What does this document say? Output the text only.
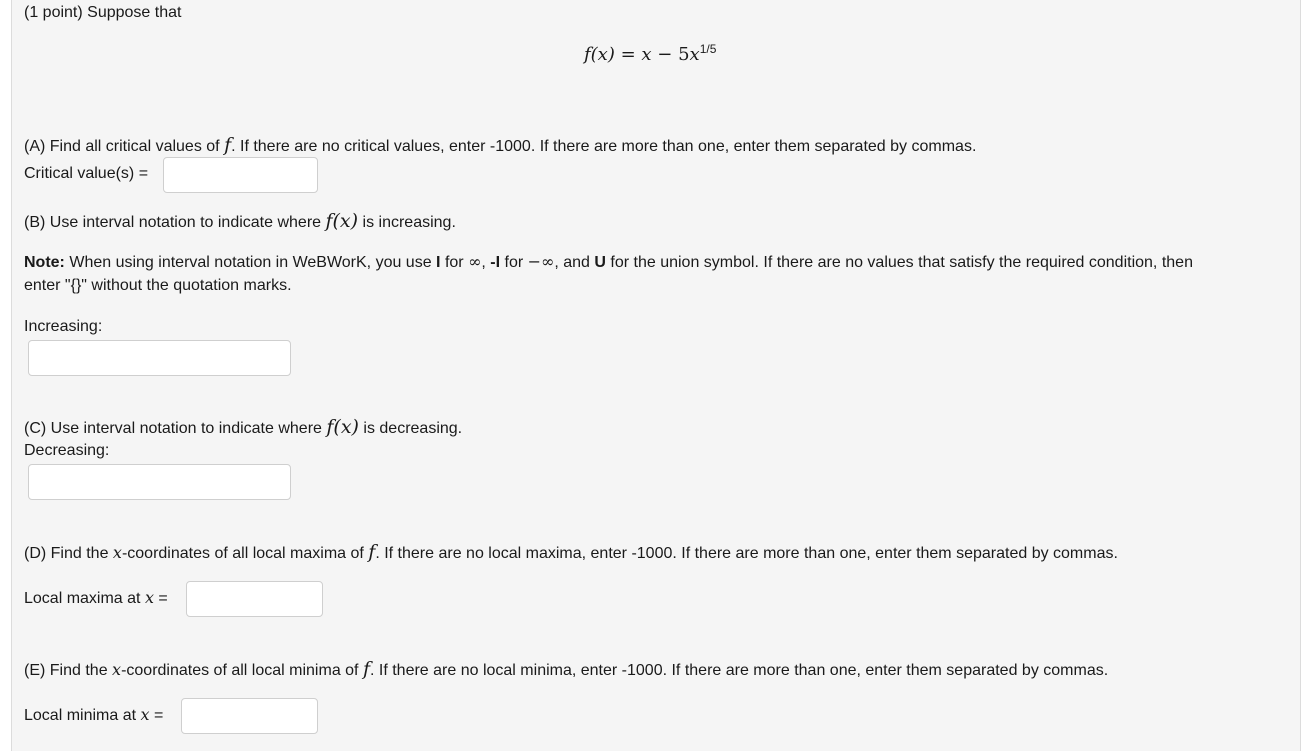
(1 point) Suppose that
$f(x) = x - 5x^{1/5}$
(A) Find all critical values of f. If there are no critical values, enter -1000. If there are more than one, enter them separated by commas.
Critical value(s) =
(B) Use interval notation to indicate where f(x) is increasing.
Note: When using interval notation in WeBWorK, you use I for ∞, -I for −∞, and U for the union symbol. If there are no values that satisfy the required condition, then
enter "{}" without the quotation marks.
Increasing:
(C) Use interval notation to indicate where f(x) is decreasing.
Decreasing:
(D) Find the x-coordinates of all local maxima of f. If there are no local maxima, enter -1000. If there are more than one, enter them separated by commas.
Local maxima at x =
(E) Find the x-coordinates of all local minima of f. If there are no local minima, enter -1000. If there are more than one, enter them separated by commas.
Local minima at x =
